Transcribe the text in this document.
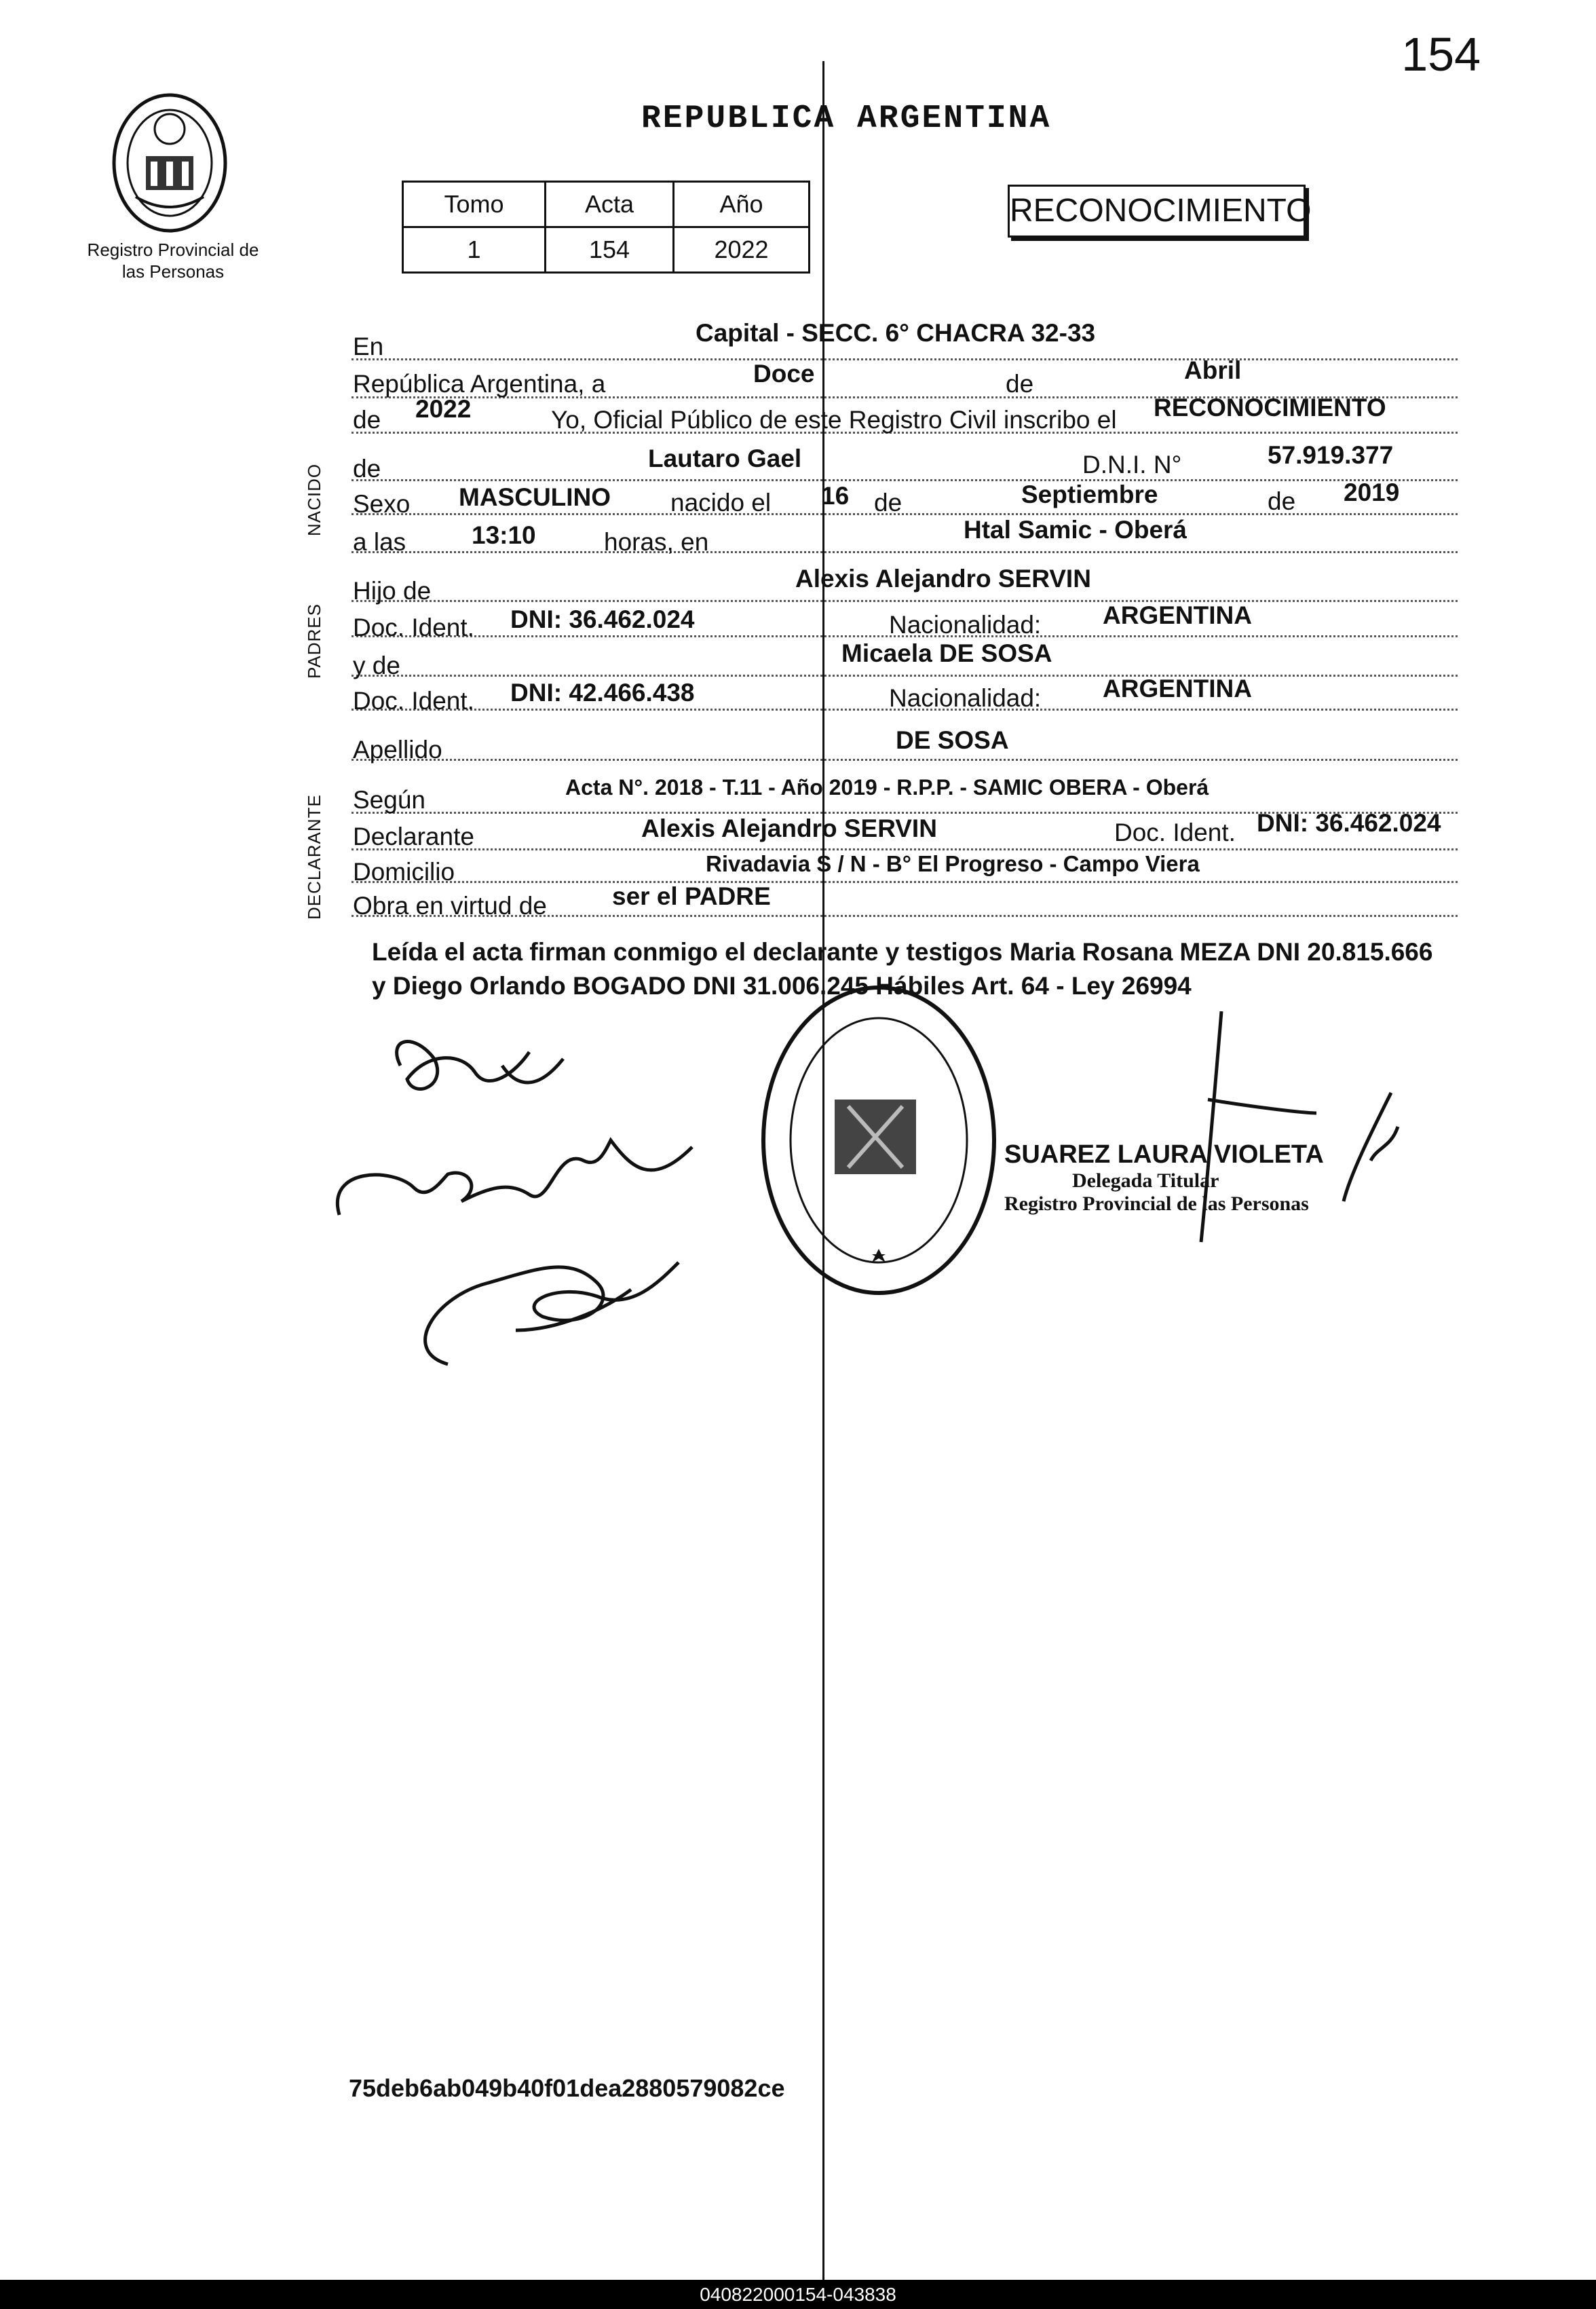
154
Registro Provincial de las Personas
REPUBLICA ARGENTINA
Tomo	Acta	Año
1	154	2022
RECONOCIMIENTO
NACIDO
PADRES
DECLARANTE
En	Capital - SECC. 6° CHACRA 32-33
República Argentina, a	Doce	de	Abril
de 2022	Yo, Oficial Público de este Registro Civil inscribo el RECONOCIMIENTO
de	Lautaro Gael	D.N.I. N°	57.919.377
Sexo MASCULINO nacido el 16 de	Septiembre	de 2019
a las	13:10	horas, en	Htal Samic - Oberá
Hijo de	Alexis Alejandro SERVIN
Doc. Ident. DNI: 36.462.024	Nacionalidad: ARGENTINA
y de	Micaela DE SOSA
Doc. Ident. DNI: 42.466.438	Nacionalidad: ARGENTINA
Apellido	DE SOSA
Según	Acta N°. 2018 - T.11 - Año 2019 - R.P.P. - SAMIC OBERA - Oberá
Declarante	Alexis Alejandro SERVIN	Doc. Ident. DNI: 36.462.024
Domicilio	Rivadavia S / N - B° El Progreso - Campo Viera
Obra en virtud de	ser el PADRE
Leída el acta firman conmigo el declarante y testigos Maria Rosana MEZA DNI 20.815.666 y Diego Orlando BOGADO DNI 31.006.245 Hábiles Art. 64 - Ley 26994
SUAREZ LAURA VIOLETA
Delegada Titular
Registro Provincial de las Personas
75deb6ab049b40f01dea2880579082ce
040822000154-043838
